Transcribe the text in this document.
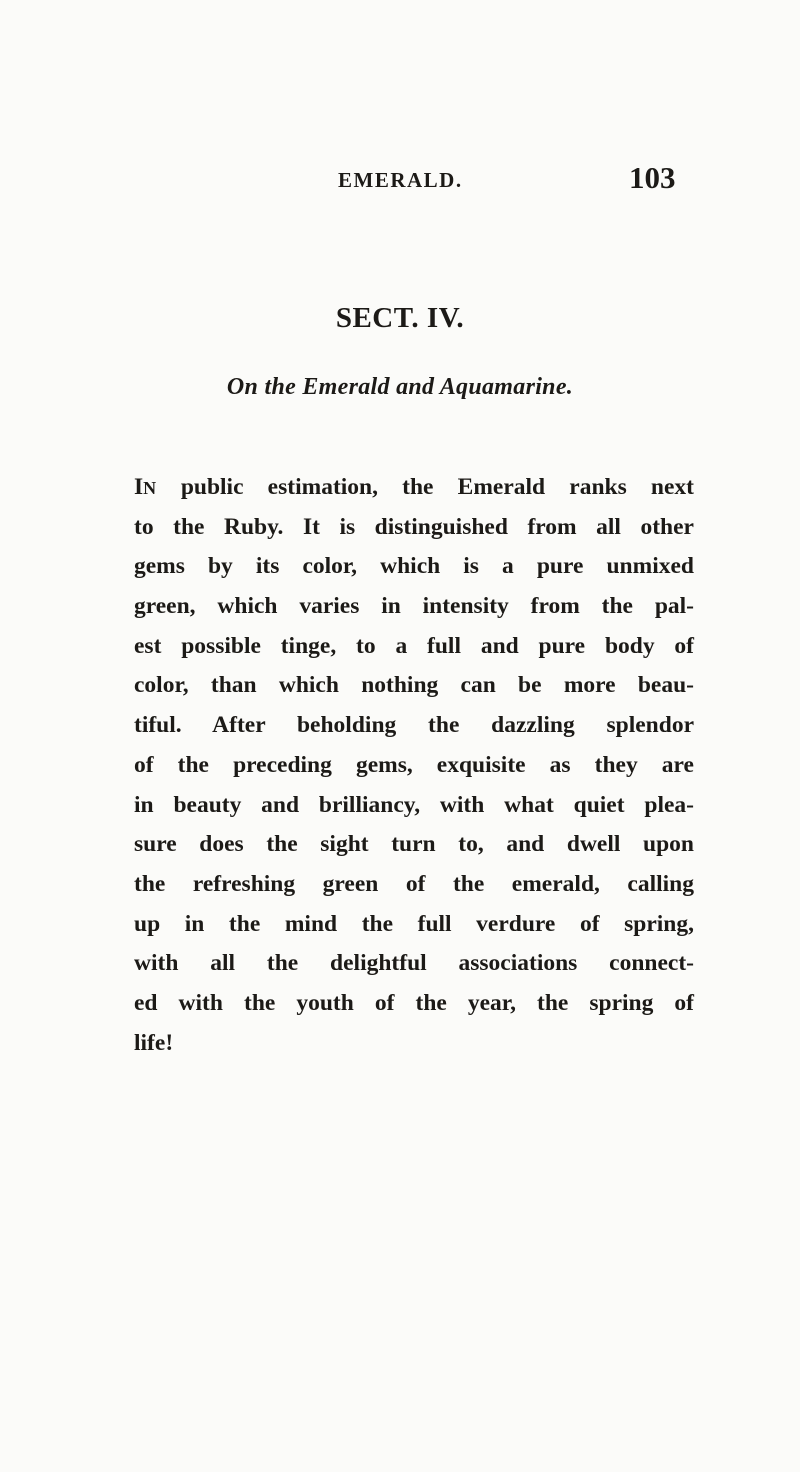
EMERALD.	103
SECT. IV.
On the Emerald and Aquamarine.
IN public estimation, the Emerald ranks next
to the Ruby. It is distinguished from all other
gems by its color, which is a pure unmixed
green, which varies in intensity from the pal-
est possible tinge, to a full and pure body of
color, than which nothing can be more beau-
tiful. After beholding the dazzling splendor
of the preceding gems, exquisite as they are
in beauty and brilliancy, with what quiet plea-
sure does the sight turn to, and dwell upon
the refreshing green of the emerald, calling
up in the mind the full verdure of spring,
with all the delightful associations connect-
ed with the youth of the year, the spring of
life!
